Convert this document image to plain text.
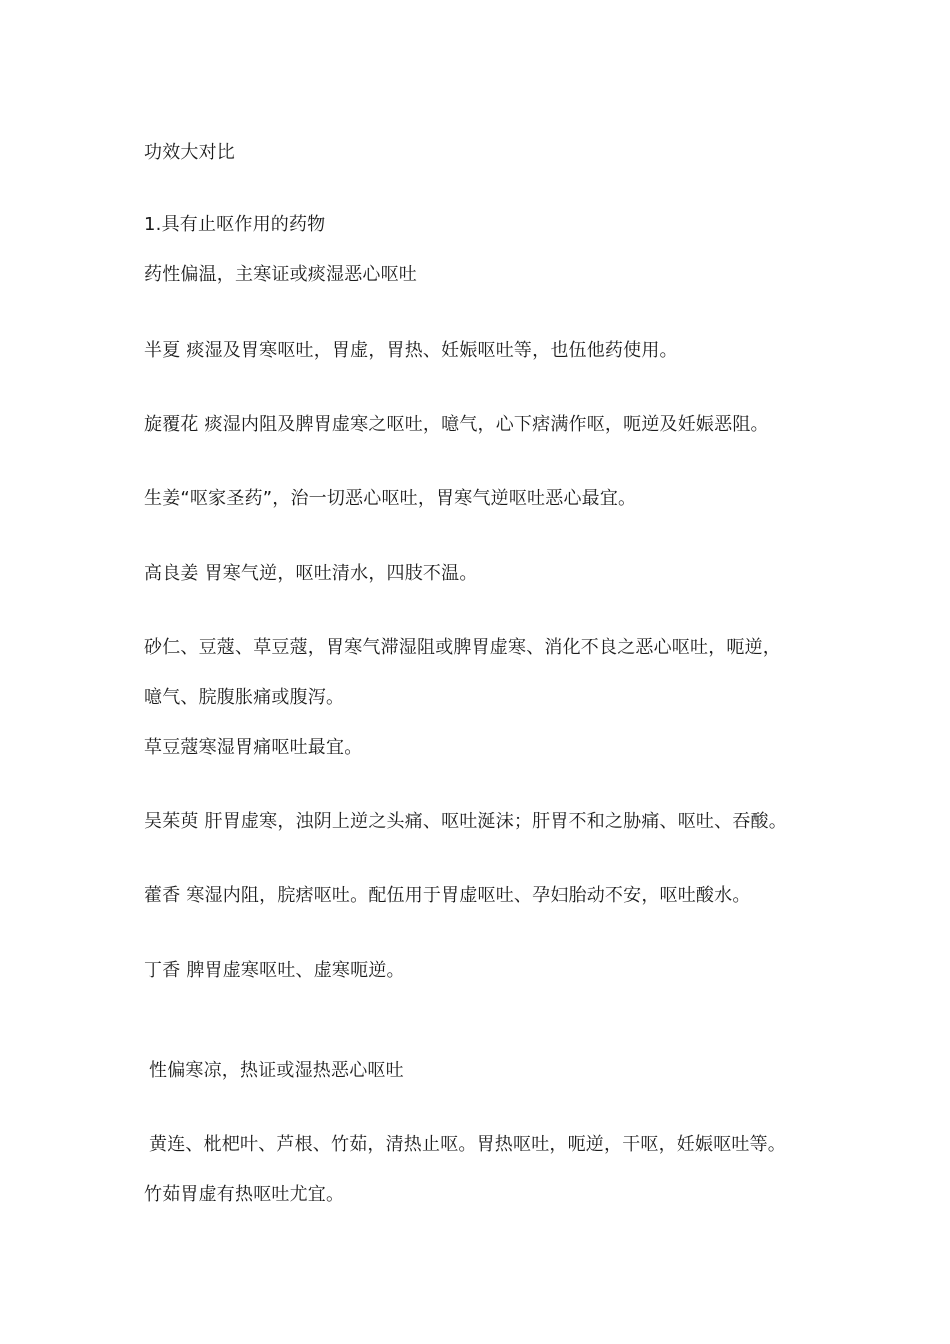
功效大对比
1.具有止呕作用的药物
药性偏温，主寒证或痰湿恶心呕吐
半夏 痰湿及胃寒呕吐，胃虚，胃热、妊娠呕吐等，也伍他药使用。
旋覆花 痰湿内阻及脾胃虚寒之呕吐，噫气，心下痞满作呕，呃逆及妊娠恶阻。
生姜“呕家圣药”，治一切恶心呕吐，胃寒气逆呕吐恶心最宜。
高良姜 胃寒气逆，呕吐清水，四肢不温。
砂仁、豆蔻、草豆蔻，胃寒气滞湿阻或脾胃虚寒、消化不良之恶心呕吐，呃逆，
噫气、脘腹胀痛或腹泻。
草豆蔻寒湿胃痛呕吐最宜。
吴茱萸 肝胃虚寒，浊阴上逆之头痛、呕吐涎沫；肝胃不和之胁痛、呕吐、吞酸。
藿香 寒湿内阻，脘痞呕吐。配伍用于胃虚呕吐、孕妇胎动不安，呕吐酸水。
丁香 脾胃虚寒呕吐、虚寒呃逆。
性偏寒凉，热证或湿热恶心呕吐
黄连、枇杷叶、芦根、竹茹，清热止呕。胃热呕吐，呃逆，干呕，妊娠呕吐等。
竹茹胃虚有热呕吐尤宜。
